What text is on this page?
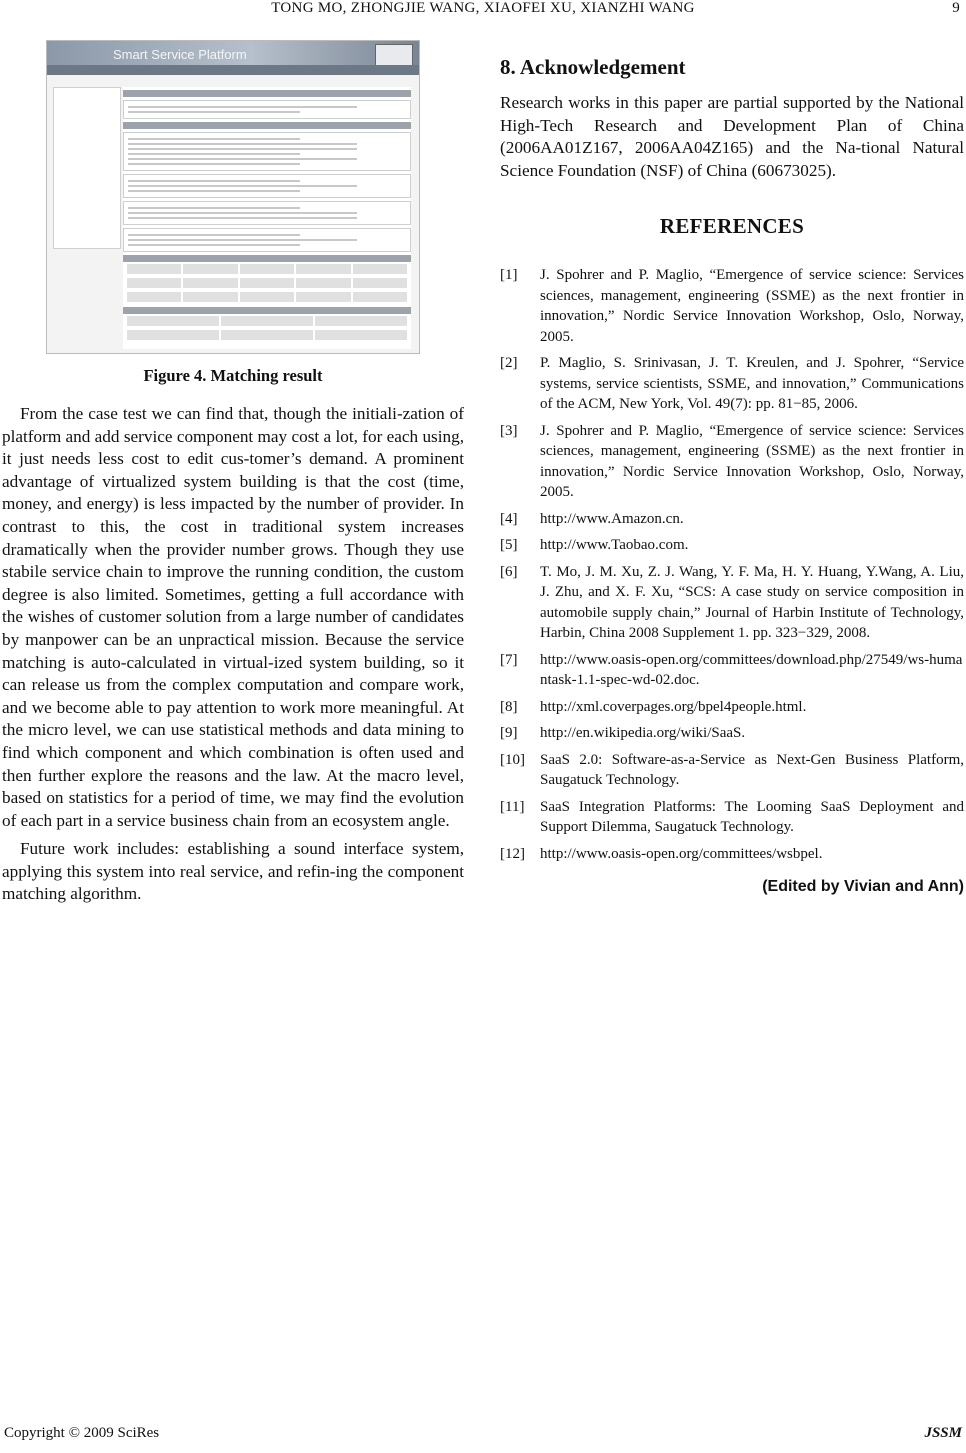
TONG MO, ZHONGJIE WANG, XIAOFEI XU, XIANZHI WANG	9
Smart Service Platform
Figure 4. Matching result

From the case test we can find that, though the initiali-zation of platform and add service component may cost a lot, for each using, it just needs less cost to edit cus-tomer’s demand. A prominent advantage of virtualized system building is that the cost (time, money, and energy) is less impacted by the number of provider. In contrast to this, the cost in traditional system increases dramatically when the provider number grows. Though they use stabile service chain to improve the running condition, the custom degree is also limited. Sometimes, getting a full accordance with the wishes of customer solution from a large number of candidates by manpower can be an unpractical mission. Because the service matching is auto-calculated in virtual-ized system building, so it can release us from the complex computation and compare work, and we become able to pay attention to work more meaningful. At the micro level, we can use statistical methods and data mining to find which component and which combination is often used and then further explore the reasons and the law. At the macro level, based on statistics for a period of time, we may find the evolution of each part in a service business chain from an ecosystem angle.

Future work includes: establishing a sound interface system, applying this system into real service, and refin-ing the component matching algorithm.

8. Acknowledgement

Research works in this paper are partial supported by the National High-Tech Research and Development Plan of China (2006AA01Z167, 2006AA04Z165) and the Na-tional Natural Science Foundation (NSF) of China (60673025).

REFERENCES
[1]	J. Spohrer and P. Maglio, “Emergence of service science: Services sciences, management, engineering (SSME) as the next frontier in innovation,” Nordic Service Innovation Workshop, Oslo, Norway, 2005.
[2]	P. Maglio, S. Srinivasan, J. T. Kreulen, and J. Spohrer, “Service systems, service scientists, SSME, and innovation,” Communications of the ACM, New York, Vol. 49(7): pp. 81−85, 2006.
[3]	J. Spohrer and P. Maglio, “Emergence of service science: Services sciences, management, engineering (SSME) as the next frontier in innovation,” Nordic Service Innovation Workshop, Oslo, Norway, 2005.
[4]	http://www.Amazon.cn.
[5]	http://www.Taobao.com.
[6]	T. Mo, J. M. Xu, Z. J. Wang, Y. F. Ma, H. Y. Huang, Y.Wang, A. Liu, J. Zhu, and X. F. Xu, “SCS: A case study on service composition in automobile supply chain,” Journal of Harbin Institute of Technology, Harbin, China 2008 Supplement 1. pp. 323−329, 2008.
[7]	http://www.oasis-open.org/committees/download.php/27549/ws-humantask-1.1-spec-wd-02.doc.
[8]	http://xml.coverpages.org/bpel4people.html.
[9]	http://en.wikipedia.org/wiki/SaaS.
[10]	SaaS 2.0: Software-as-a-Service as Next-Gen Business Platform, Saugatuck Technology.
[11]	SaaS Integration Platforms: The Looming SaaS Deployment and Support Dilemma, Saugatuck Technology.
[12]	http://www.oasis-open.org/committees/wsbpel.
(Edited by Vivian and Ann)
Copyright © 2009 SciRes	JSSM
